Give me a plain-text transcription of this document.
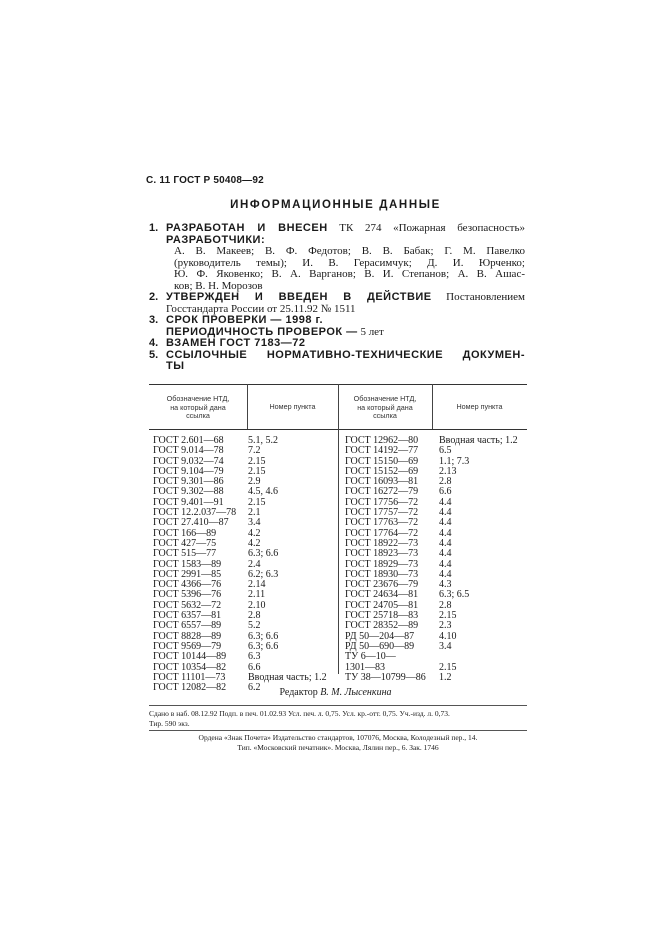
С. 11 ГОСТ Р 50408—92
ИНФОРМАЦИОННЫЕ ДАННЫЕ
1. РАЗРАБОТАН И ВНЕСЕН ТК 274 «Пожарная безопасность»
РАЗРАБОТЧИКИ:
А. В. Макеев; В. Ф. Федотов; В. В. Бабак; Г. М. Павелко
(руководитель темы); И. В. Герасимчук; Д. И. Юрченко;
Ю. Ф. Яковенко; В. А. Варганов; В. И. Степанов; А. В. Ашас-
ков; В. Н. Морозов
2. УТВЕРЖДЕН И ВВЕДЕН В ДЕЙСТВИЕ Постановлением
Госстандарта России от 25.11.92 № 1511
3. СРОК ПРОВЕРКИ — 1998 г.
ПЕРИОДИЧНОСТЬ ПРОВЕРОК — 5 лет
4. ВЗАМЕН ГОСТ 7183—72
5. ССЫЛОЧНЫЕ НОРМАТИВНО-ТЕХНИЧЕСКИЕ ДОКУМЕН-
ТЫ
Обозначение НТД,
на который дана
ссылка
Номер пункта
Обозначение НТД,
на который дана
ссылка
Номер пункта
ГОСТ 2.601—68
ГОСТ 9.014—78
ГОСТ 9.032—74
ГОСТ 9.104—79
ГОСТ 9.301—86
ГОСТ 9.302—88
ГОСТ 9.401—91
ГОСТ 12.2.037—78
ГОСТ 27.410—87
ГОСТ 166—89
ГОСТ 427—75
ГОСТ 515—77
ГОСТ 1583—89
ГОСТ 2991—85
ГОСТ 4366—76
ГОСТ 5396—76
ГОСТ 5632—72
ГОСТ 6357—81
ГОСТ 6557—89
ГОСТ 8828—89
ГОСТ 9569—79
ГОСТ 10144—89
ГОСТ 10354—82
ГОСТ 11101—73
ГОСТ 12082—82
5.1, 5.2
7.2
2.15
2.15
2.9
4.5, 4.6
2.15
2.1
3.4
4.2
4.2
6.3; 6.6
2.4
6.2; 6.3
2.14
2.11
2.10
2.8
5.2
6.3; 6.6
6.3; 6.6
6.3
6.6
Вводная часть; 1.2
6.2
ГОСТ 12962—80
ГОСТ 14192—77
ГОСТ 15150—69
ГОСТ 15152—69
ГОСТ 16093—81
ГОСТ 16272—79
ГОСТ 17756—72
ГОСТ 17757—72
ГОСТ 17763—72
ГОСТ 17764—72
ГОСТ 18922—73
ГОСТ 18923—73
ГОСТ 18929—73
ГОСТ 18930—73
ГОСТ 23676—79
ГОСТ 24634—81
ГОСТ 24705—81
ГОСТ 25718—83
ГОСТ 28352—89
РД 50—204—87
РД 50—690—89
ТУ 6—10—
1301—83
ТУ 38—10799—86
Вводная часть; 1.2
6.5
1.1; 7.3
2.13
2.8
6.6
4.4
4.4
4.4
4.4
4.4
4.4
4.4
4.4
4.3
6.3; 6.5
2.8
2.15
2.3
4.10
3.4
2.15
1.2
Редактор В. М. Лысенкина
Сдано в наб. 08.12.92 Подп. в печ. 01.02.93 Усл. печ. л. 0,75. Усл. кр.-отт. 0,75. Уч.-изд. л. 0,73.
Тир. 590 экз.
Ордена «Знак Почета» Издательство стандартов, 107076, Москва, Колодезный пер., 14.
Тип. «Московский печатник». Москва, Лялин пер., 6. Зак. 1746
